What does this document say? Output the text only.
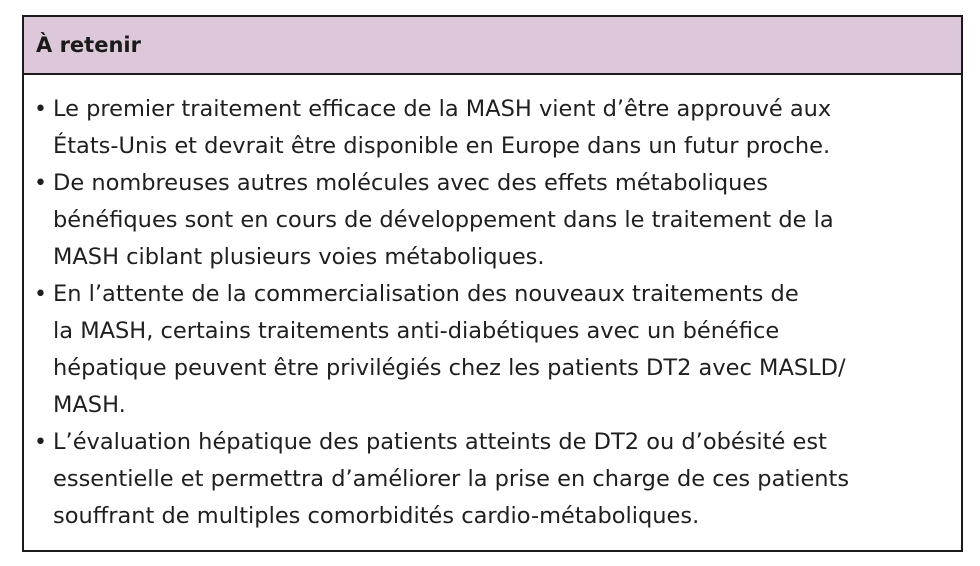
À retenir
• Le premier traitement efficace de la MASH vient d’être approuvé aux
États-Unis et devrait être disponible en Europe dans un futur proche.
• De nombreuses autres molécules avec des effets métaboliques
bénéfiques sont en cours de développement dans le traitement de la
MASH ciblant plusieurs voies métaboliques.
• En l’attente de la commercialisation des nouveaux traitements de
la MASH, certains traitements anti-diabétiques avec un bénéfice
hépatique peuvent être privilégiés chez les patients DT2 avec MASLD/
MASH.
• L’évaluation hépatique des patients atteints de DT2 ou d’obésité est
essentielle et permettra d’améliorer la prise en charge de ces patients
souffrant de multiples comorbidités cardio-métaboliques.
